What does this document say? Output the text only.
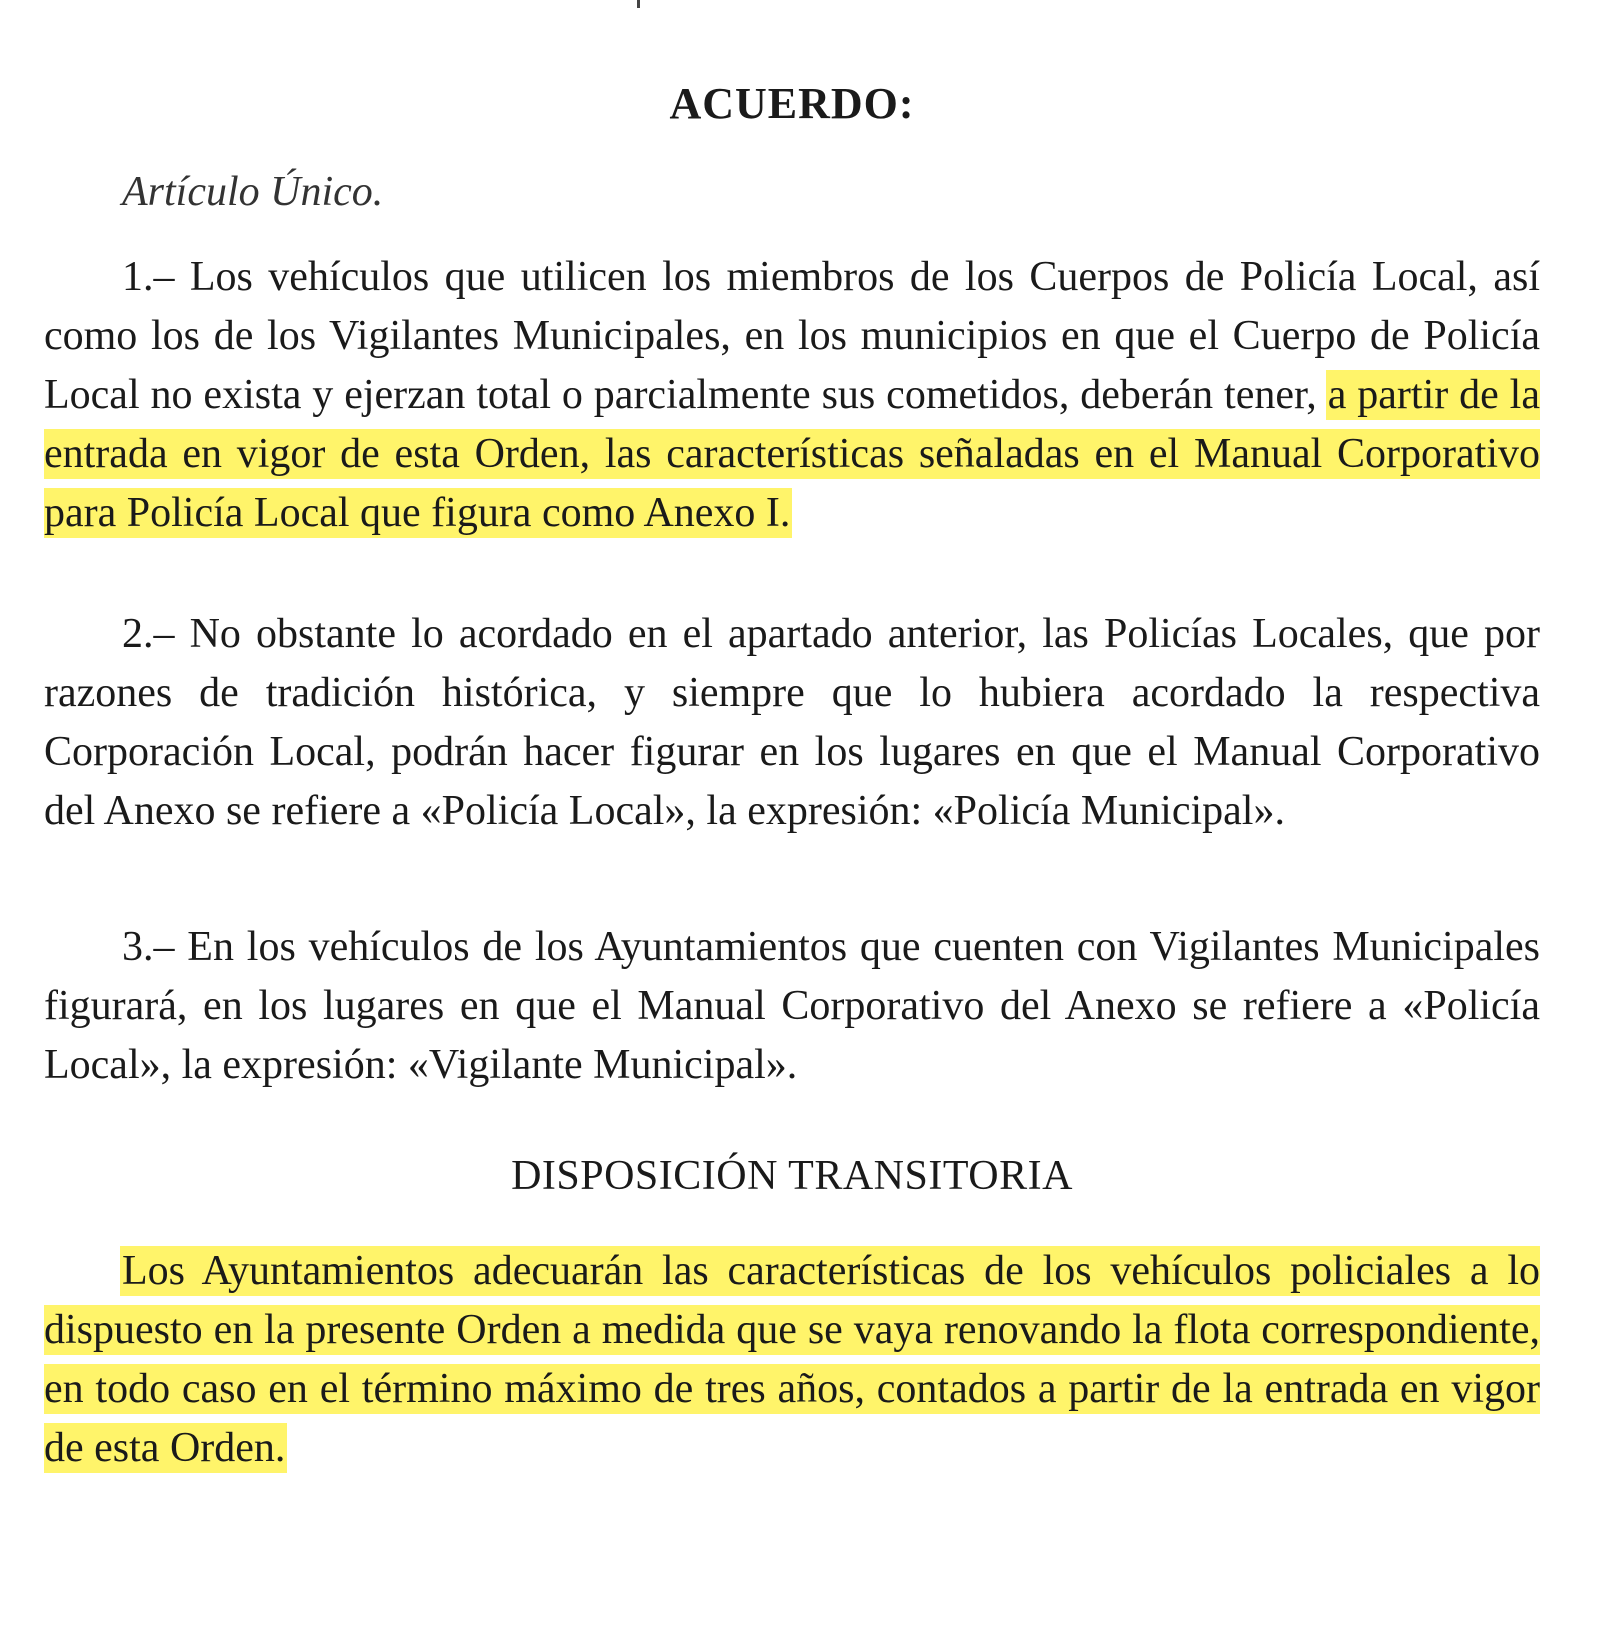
ACUERDO:
Artículo Único.

1.– Los vehículos que utilicen los miembros de los Cuerpos de Policía Local, así como los de los Vigilantes Municipales, en los municipios en que el Cuerpo de Policía Local no exista y ejerzan total o parcialmente sus cometidos, deberán tener, a partir de la entrada en vigor de esta Orden, las características señaladas en el Manual Corporativo para Policía Local que figura como Anexo I.

2.– No obstante lo acordado en el apartado anterior, las Policías Locales, que por razones de tradición histórica, y siempre que lo hubiera acordado la respectiva Corporación Local, podrán hacer figurar en los lugares en que el Manual Corporativo del Anexo se refiere a «Policía Local», la expresión: «Policía Municipal».

3.– En los vehículos de los Ayuntamientos que cuenten con Vigilantes Municipales figurará, en los lugares en que el Manual Corporativo del Anexo se refiere a «Policía Local», la expresión: «Vigilante Municipal».

DISPOSICIÓN TRANSITORIA

Los Ayuntamientos adecuarán las características de los vehículos policiales a lo dispuesto en la presente Orden a medida que se vaya renovando la flota correspondiente, en todo caso en el término máximo de tres años, contados a partir de la entrada en vigor de esta Orden.
